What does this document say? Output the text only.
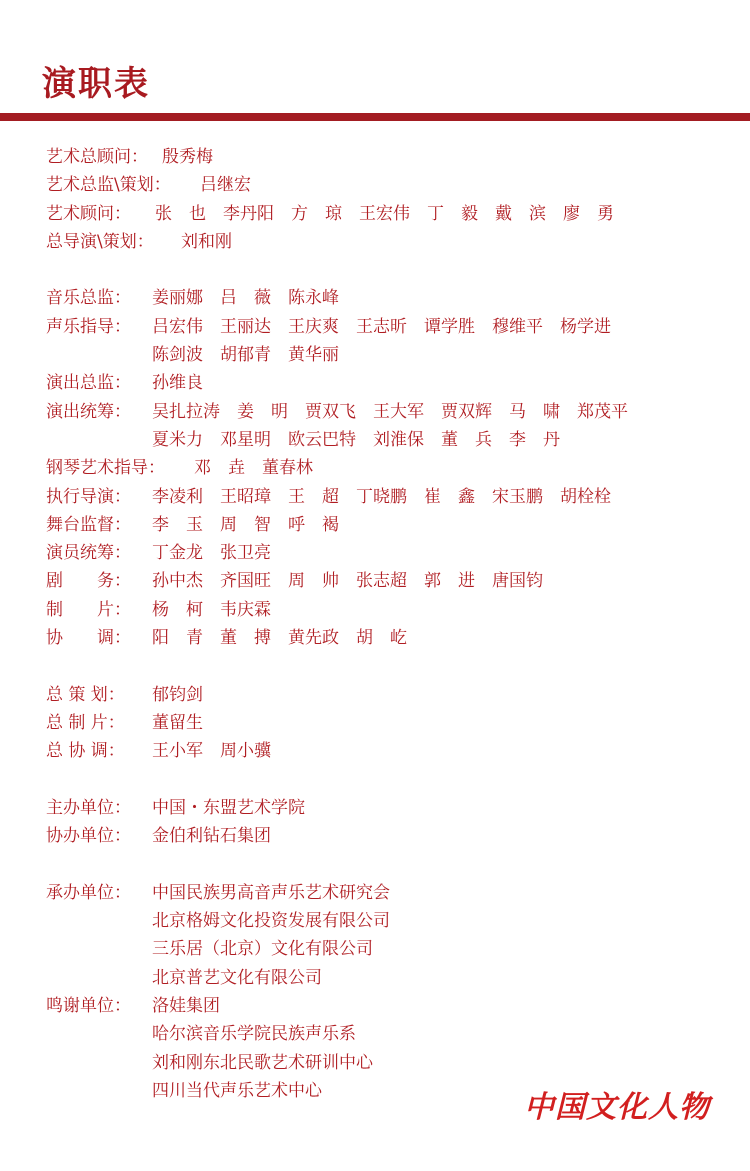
演职表
艺术总顾问： 殷秀梅
艺术总监\策划： 吕继宏
艺术顾问： 张　也　李丹阳　方　琼　王宏伟　丁　毅　戴　滨　廖　勇
总导演\策划： 刘和刚
音乐总监： 姜丽娜　吕　薇　陈永峰
声乐指导： 吕宏伟　王丽达　王庆爽　王志昕　谭学胜　穆维平　杨学进
陈剑波　胡郁青　黄华丽
演出总监： 孙维良
演出统筹： 吴扎拉涛　姜　明　贾双飞　王大军　贾双辉　马　啸　郑茂平
夏米力　邓星明　欧云巴特　刘淮保　董　兵　李　丹
钢琴艺术指导： 邓　垚　董春林
执行导演： 李凌利　王昭璋　王　超　丁晓鹏　崔　鑫　宋玉鹏　胡栓栓
舞台监督： 李　玉　周　智　呼　褐
演员统筹： 丁金龙　张卫亮
剧　　务： 孙中杰　齐国旺　周　帅　张志超　郭　进　唐国钧
制　　片： 杨　柯　韦庆霖
协　　调： 阳　青　董　搏　黄先政　胡　屹
总 策 划： 郁钧剑
总 制 片： 董留生
总 协 调： 王小军　周小骥
主办单位： 中国・东盟艺术学院
协办单位： 金伯利钻石集团
承办单位： 中国民族男高音声乐艺术研究会
北京格姆文化投资发展有限公司
三乐居（北京）文化有限公司
北京普艺文化有限公司
鸣谢单位： 洛娃集团
哈尔滨音乐学院民族声乐系
刘和刚东北民歌艺术研训中心
四川当代声乐艺术中心	中国文化人物
